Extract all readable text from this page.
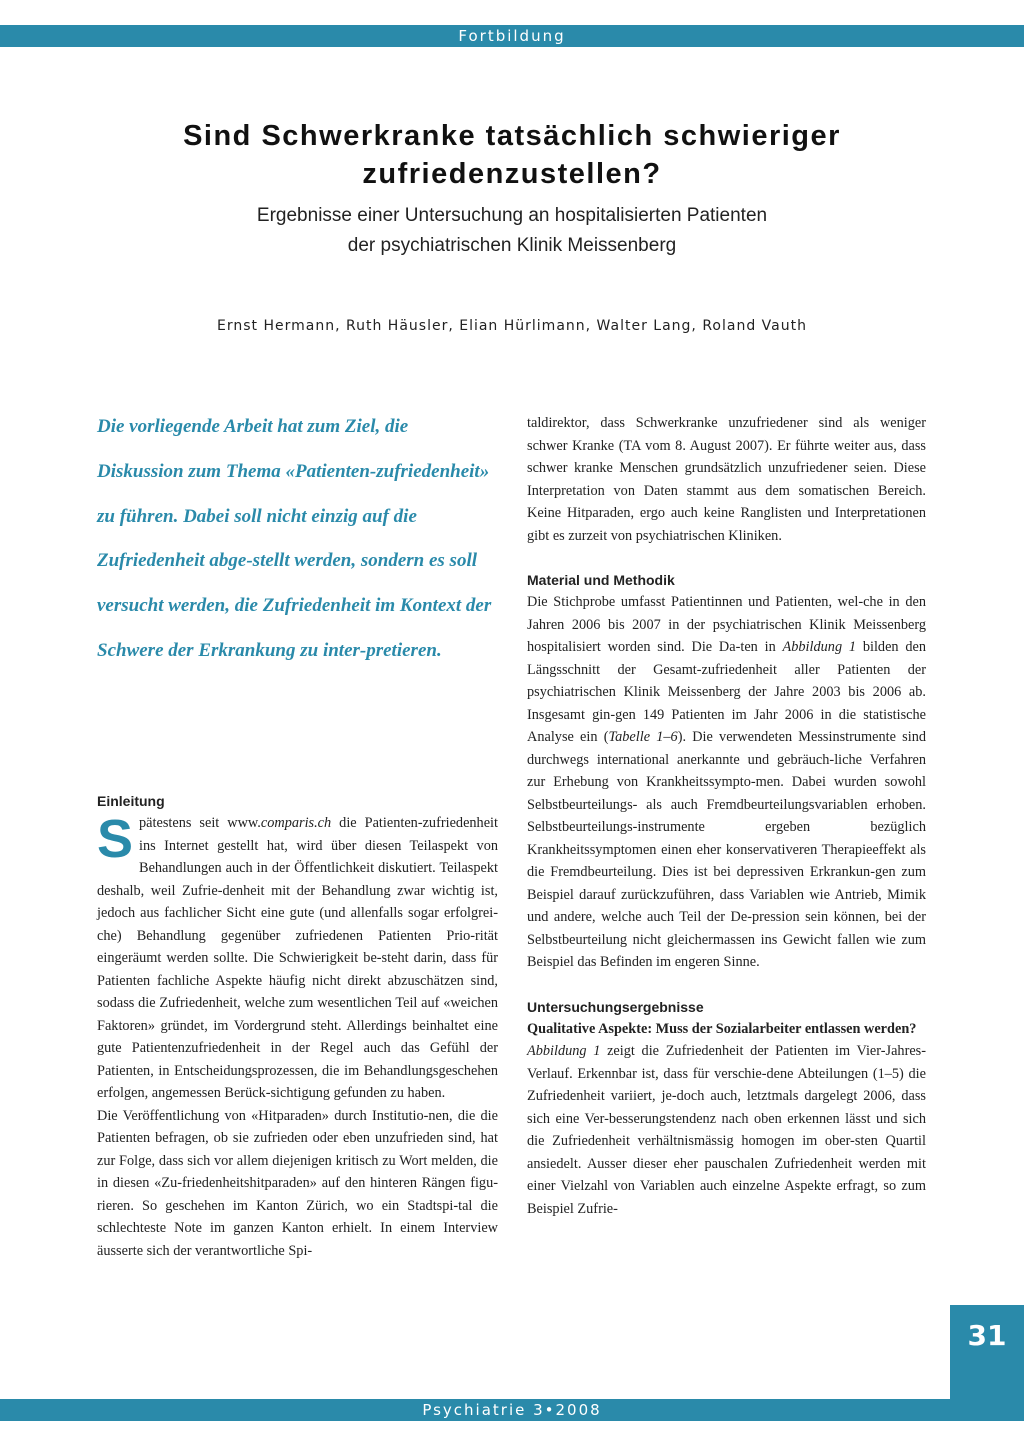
Fortbildung
Sind Schwerkranke tatsächlich schwieriger zufriedenzustellen?
Ergebnisse einer Untersuchung an hospitalisierten Patienten
der psychiatrischen Klinik Meissenberg
Ernst Hermann, Ruth Häusler, Elian Hürlimann, Walter Lang, Roland Vauth

Die vorliegende Arbeit hat zum Ziel, die Diskussion zum Thema «Patienten-zufriedenheit» zu führen. Dabei soll nicht einzig auf die Zufriedenheit abge-stellt werden, sondern es soll versucht werden, die Zufriedenheit im Kontext der Schwere der Erkrankung zu inter-pretieren.

Einleitung

Spätestens seit www.comparis.ch die Patienten-zufriedenheit ins Internet gestellt hat, wird über diesen Teilaspekt von Behandlungen auch in der Öffentlichkeit diskutiert. Teilaspekt deshalb, weil Zufrie-denheit mit der Behandlung zwar wichtig ist, jedoch aus fachlicher Sicht eine gute (und allenfalls sogar erfolgrei-che) Behandlung gegenüber zufriedenen Patienten Prio-rität eingeräumt werden sollte. Die Schwierigkeit be-steht darin, dass für Patienten fachliche Aspekte häufig nicht direkt abzuschätzen sind, sodass die Zufriedenheit, welche zum wesentlichen Teil auf «weichen Faktoren» gründet, im Vordergrund steht. Allerdings beinhaltet eine gute Patientenzufriedenheit in der Regel auch das Gefühl der Patienten, in Entscheidungsprozessen, die im Behandlungsgeschehen erfolgen, angemessen Berück-sichtigung gefunden zu haben.

Die Veröffentlichung von «Hitparaden» durch Institutio-nen, die die Patienten befragen, ob sie zufrieden oder eben unzufrieden sind, hat zur Folge, dass sich vor allem diejenigen kritisch zu Wort melden, die in diesen «Zu-friedenheitshitparaden» auf den hinteren Rängen figu-rieren. So geschehen im Kanton Zürich, wo ein Stadtspi-tal die schlechteste Note im ganzen Kanton erhielt. In einem Interview äusserte sich der verantwortliche Spi-

taldirektor, dass Schwerkranke unzufriedener sind als weniger schwer Kranke (TA vom 8. August 2007). Er führte weiter aus, dass schwer kranke Menschen grundsätzlich unzufriedener seien. Diese Interpretation von Daten stammt aus dem somatischen Bereich. Keine Hitparaden, ergo auch keine Ranglisten und Interpretationen gibt es zurzeit von psychiatrischen Kliniken.

Material und Methodik

Die Stichprobe umfasst Patientinnen und Patienten, wel-che in den Jahren 2006 bis 2007 in der psychiatrischen Klinik Meissenberg hospitalisiert worden sind. Die Da-ten in Abbildung 1 bilden den Längsschnitt der Gesamt-zufriedenheit aller Patienten der psychiatrischen Klinik Meissenberg der Jahre 2003 bis 2006 ab. Insgesamt gin-gen 149 Patienten im Jahr 2006 in die statistische Analyse ein (Tabelle 1–6). Die verwendeten Messinstrumente sind durchwegs international anerkannte und gebräuch-liche Verfahren zur Erhebung von Krankheitssympto-men. Dabei wurden sowohl Selbstbeurteilungs- als auch Fremdbeurteilungsvariablen erhoben. Selbstbeurteilungs-instrumente ergeben bezüglich Krankheitssymptomen einen eher konservativeren Therapieeffekt als die Fremdbeurteilung. Dies ist bei depressiven Erkrankun-gen zum Beispiel darauf zurückzuführen, dass Variablen wie Antrieb, Mimik und andere, welche auch Teil der De-pression sein können, bei der Selbstbeurteilung nicht gleichermassen ins Gewicht fallen wie zum Beispiel das Befinden im engeren Sinne.

Untersuchungsergebnisse
Qualitative Aspekte: Muss der Sozialarbeiter entlassen werden?

Abbildung 1 zeigt die Zufriedenheit der Patienten im Vier-Jahres-Verlauf. Erkennbar ist, dass für verschie-dene Abteilungen (1–5) die Zufriedenheit variiert, je-doch auch, letztmals dargelegt 2006, dass sich eine Ver-besserungstendenz nach oben erkennen lässt und sich die Zufriedenheit verhältnismässig homogen im ober-sten Quartil ansiedelt. Ausser dieser eher pauschalen Zufriedenheit werden mit einer Vielzahl von Variablen auch einzelne Aspekte erfragt, so zum Beispiel Zufrie-

31
Psychiatrie 3•2008
